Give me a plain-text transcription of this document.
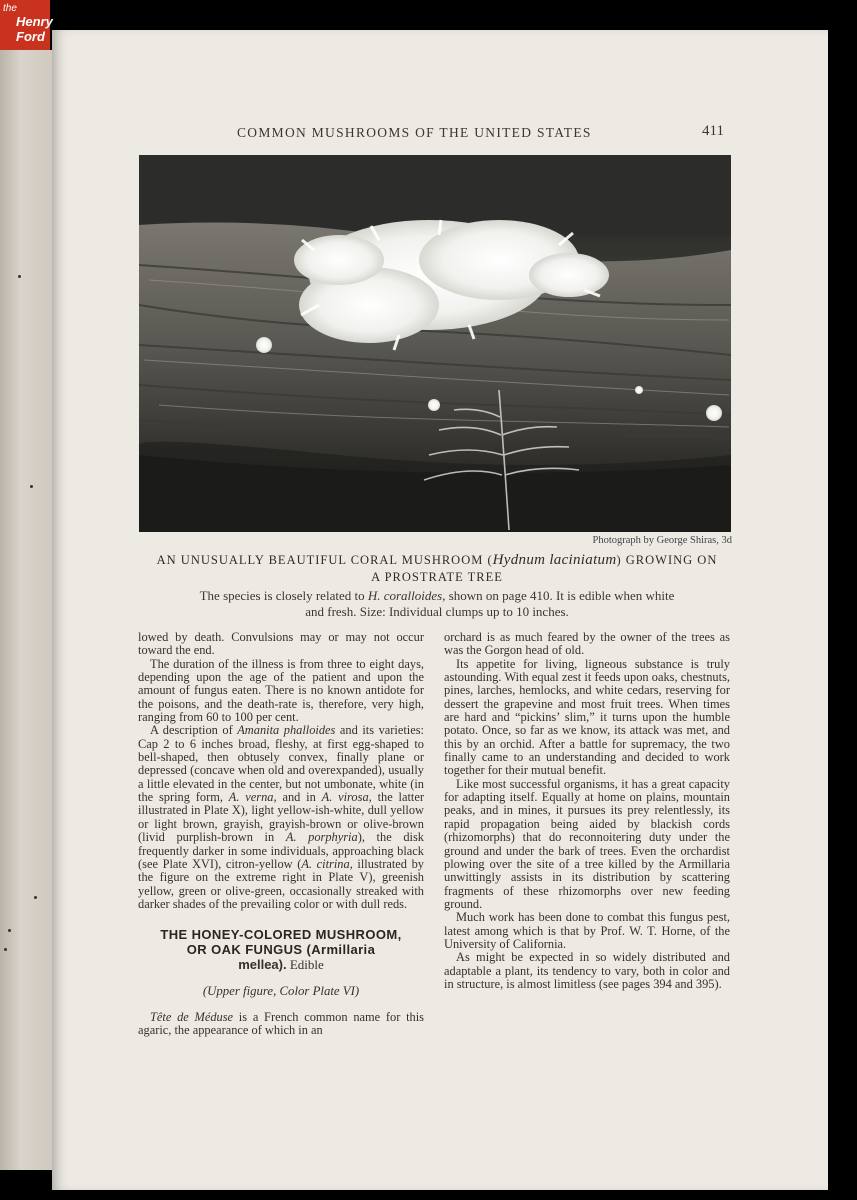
the
Henry
Ford
COMMON MUSHROOMS OF THE UNITED STATES	411
Photograph by George Shiras, 3d
AN UNUSUALLY BEAUTIFUL CORAL MUSHROOM (Hydnum laciniatum) GROWING ON
A PROSTRATE TREE
The species is closely related to H. coralloides, shown on page 410. It is edible when white
and fresh. Size: Individual clumps up to 10 inches.

lowed by death. Convulsions may or may not occur toward the end.

The duration of the illness is from three to eight days, depending upon the age of the patient and upon the amount of fungus eaten. There is no known antidote for the poisons, and the death-rate is, therefore, very high, ranging from 60 to 100 per cent.

A description of Amanita phalloides and its varieties: Cap 2 to 6 inches broad, fleshy, at first egg-shaped to bell-shaped, then obtusely convex, finally plane or depressed (concave when old and overexpanded), usually a little elevated in the center, but not umbonate, white (in the spring form, A. verna, and in A. virosa, the latter illustrated in Plate X), light yellow-ish-white, dull yellow or light brown, grayish, grayish-brown or olive-brown (livid purplish-brown in A. porphyria), the disk frequently darker in some individuals, approaching black (see Plate XVI), citron-yellow (A. citrina, illustrated by the figure on the extreme right in Plate V), greenish yellow, green or olive-green, occasionally streaked with darker shades of the prevailing color or with dull reds.

THE HONEY-COLORED MUSHROOM,
OR OAK FUNGUS (Armillaria
mellea). Edible
(Upper figure, Color Plate VI)

Tête de Méduse is a French common name for this agaric, the appearance of which in an

orchard is as much feared by the owner of the trees as was the Gorgon head of old.

Its appetite for living, ligneous substance is truly astounding. With equal zest it feeds upon oaks, chestnuts, pines, larches, hemlocks, and white cedars, reserving for dessert the grapevine and most fruit trees. When times are hard and “pickins’ slim,” it turns upon the humble potato. Once, so far as we know, its attack was met, and this by an orchid. After a battle for supremacy, the two finally came to an understanding and decided to work together for their mutual benefit.

Like most successful organisms, it has a great capacity for adapting itself. Equally at home on plains, mountain peaks, and in mines, it pursues its prey relentlessly, its rapid propagation being aided by blackish cords (rhizomorphs) that do reconnoitering duty under the ground and under the bark of trees. Even the orchardist plowing over the site of a tree killed by the Armillaria unwittingly assists in its distribution by scattering fragments of these rhizomorphs over new feeding ground.

Much work has been done to combat this fungus pest, latest among which is that by Prof. W. T. Horne, of the University of California.

As might be expected in so widely distributed and adaptable a plant, its tendency to vary, both in color and in structure, is almost limitless (see pages 394 and 395).
